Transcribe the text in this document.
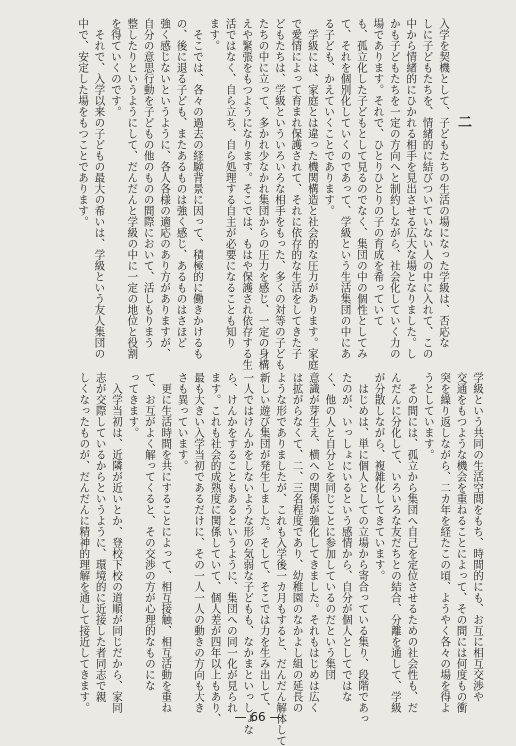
二
入学を契機として、子どもたちの生活の場になった学級は、否応な
しに子どもたちを、情緒的に結びついていない人の中に入れて、この
中から情緒的にひかれる相手を見出させる広大な場となりました。し
かも子どもたちを一定の方向へと制約しながら、社会化していく力の
場であります。それで、ひとりひとりの子の育成を希っていて
も、孤立化した子どもとして見るのでなく、集団の中の個性としてみ
て、それを個別化していくのであって、学級という生活集団の中にあ
る子ども、かえていくことであります。
　学級には、家庭とは違った機関構造と社会的な圧力があります。家庭
で愛情によって育まれ保護されて、それに依存的な生活をしてきた子
どもたちは、学級といういろいろな相手をもった、多くの対等の子ども
たちの中に立って、多かれ少なかれ集団からの圧力を感じ、一定の身構
えや緊張をもつようになります。そこでは、もはや保護され依存する生
活ではなく、自ら立ち、自ら処理する自主が必要になることも知り
ます。
　そこでは、各々の過去の経験背景に因って、積極的に働きかけるも
の、後に退る子ども、またあるものは強く感じ、あるものはさほど
強く感じないというように、各人各様の適応のあり方がありますが、
自分の意思行動を子どもの他のものの間際において、活しもりまう
整したりというようにして、だんだんと学級の中に一定の地位と役割
を得ていくのです。
　それで、入学以来の子どもの最大の希いは、学級という友人集団の
中で、安定した場をもつことであります。
学級という共同の生活空間をもち、時間的にも、お互に相互交渉や
交通をもつような機会を重ねることによって、その間には何度もの衝
突を繰り返しながら、二カ年を経たこの頃、ようやく各々の場を得よ
うとしています。
　その間には、孤立から集団へ自己を定位させるための社会性も、だ
んだんに分化して、いろいろな友だちとの結合、分離を通して、学級
が分散しながら、複雑化してきています。
　はじめは、単に個人としての立場から寄合っている集り、段階であっ
たのが、いっしょにいるという感情から、自分が個人としてではな
く、他の人と自分とを同じことに参加しているのだという集団
意識が芽生え、横への関係が強化してきました。それもはじめは広く
は拡がらなくて、二、三名程度であり、幼稚園のなかよし組の延長の
ような形でありましたが、これも入学後一カ月もすると、だんだん解体して
新しい遊び集団が発生しました。そして、そこでは力を生み出して、
一人ではけんかをしないような形の気弱な子どもも、なかまといっしょな
ら、けんかをすることもあるというように、集団への同一化が見られ
ます。これも社会的成熟度に関係していて、個人差が四年以上もあり、
最も大きい入学当初であるだけに、その一人一人の動きの方向も大き
さも異っています。
　更に生活時間を共にすることによって、相互接触、相互活動を重ね
て、お互がよく解ってくると、その交渉の方が心理的なものにな
ってきます。
　入学当初は、近隣が近いとか、登校下校の道順が同じだから、家同
志が交際しているからというように、環境的に近接した者同志で親
しくなったものが、だんだんに精神的理解を通して接近してきます。
— 66 —
